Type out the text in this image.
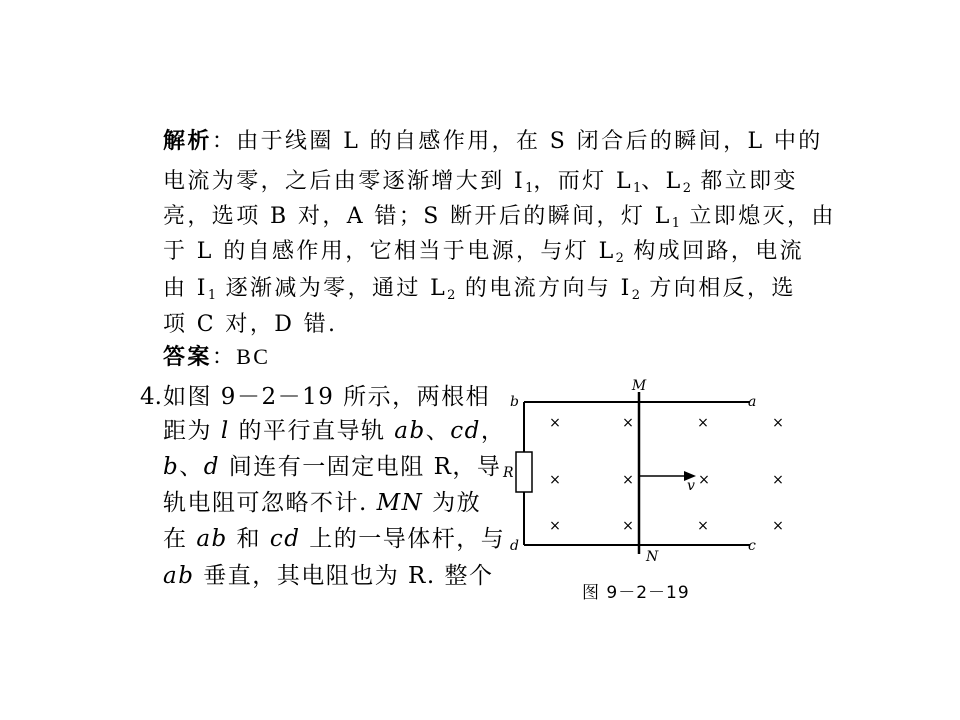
解析：由于线圈 L 的自感作用，在 S 闭合后的瞬间，L 中的
电流为零，之后由零逐渐增大到 $I_1$，而灯 $L_1$、$L_2$ 都立即变
亮，选项 B 对，A 错；S 断开后的瞬间，灯 $L_1$ 立即熄灭，由
于 L 的自感作用，它相当于电源，与灯 $L_2$ 构成回路，电流
由 $I_1$ 逐渐减为零，通过 $L_2$ 的电流方向与 $I_2$ 方向相反，选
项 C 对，D 错.
答案：BC
4. 如图 9－2－19 所示，两根相
距为 l 的平行直导轨 ab、cd，
b、d 间连有一固定电阻 R，导
轨电阻可忽略不计. MN 为放
在 ab 和 cd 上的一导体杆，与
ab 垂直，其电阻也为 R. 整个
×	×	×	×
×	×	×	×
×	×	×	×
M
N
a
b
c
d
R
v
图 9－2－19
